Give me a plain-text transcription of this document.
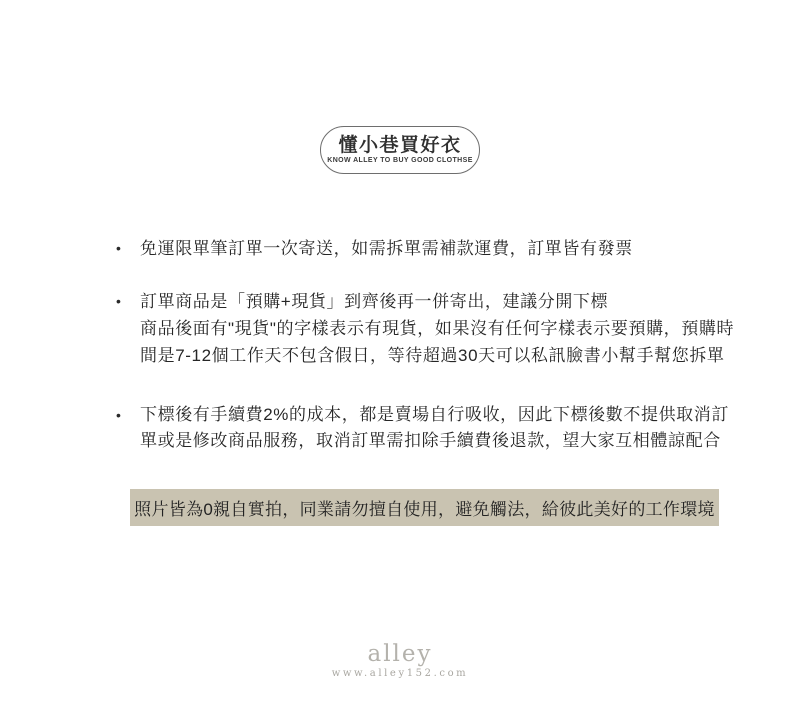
懂小巷買好衣
KNOW ALLEY TO BUY GOOD CLOTHSE
•	免運限單筆訂單一次寄送，如需拆單需補款運費，訂單皆有發票
•	訂單商品是「預購+現貨」到齊後再一併寄出，建議分開下標
商品後面有"現貨"的字樣表示有現貨，如果沒有任何字樣表示要預購，預購時
間是7-12個工作天不包含假日，等待超過30天可以私訊臉書小幫手幫您拆單
•	下標後有手續費2%的成本，都是賣場自行吸收，因此下標後數不提供取消訂
單或是修改商品服務，取消訂單需扣除手續費後退款，望大家互相體諒配合
照片皆為0親自實拍，同業請勿擅自使用，避免觸法，給彼此美好的工作環境
alley
www.alley152.com
